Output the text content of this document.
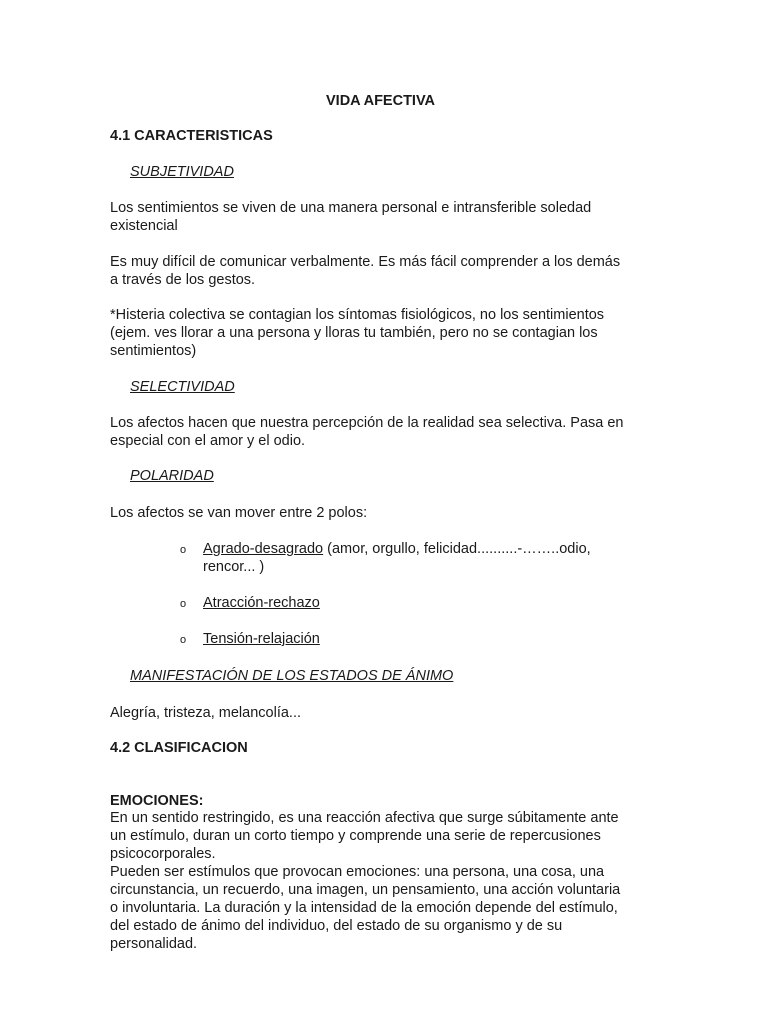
VIDA AFECTIVA
4.1 CARACTERISTICAS
SUBJETIVIDAD
Los sentimientos se viven de una manera personal e intransferible soledad
existencial
Es muy difícil de comunicar verbalmente. Es más fácil comprender a los demás
a través de los gestos.
*Histeria colectiva se contagian los síntomas fisiológicos, no los sentimientos
(ejem. ves llorar a una persona y lloras tu también, pero no se contagian los
sentimientos)
SELECTIVIDAD
Los afectos hacen que nuestra percepción de la realidad sea selectiva. Pasa en
especial con el amor y el odio.
POLARIDAD
Los afectos se van mover entre 2 polos:
o Agrado-desagrado (amor, orgullo, felicidad..........-……..odio,
rencor... )
o Atracción-rechazo
o Tensión-relajación
MANIFESTACIÓN DE LOS ESTADOS DE ÁNIMO
Alegría, tristeza, melancolía...
4.2 CLASIFICACION
EMOCIONES:
En un sentido restringido, es una reacción afectiva que surge súbitamente ante
un estímulo, duran un corto tiempo y comprende una serie de repercusiones
psicocorporales.
Pueden ser estímulos que provocan emociones: una persona, una cosa, una
circunstancia, un recuerdo, una imagen, un pensamiento, una acción voluntaria
o involuntaria. La duración y la intensidad de la emoción depende del estímulo,
del estado de ánimo del individuo, del estado de su organismo y de su
personalidad.
